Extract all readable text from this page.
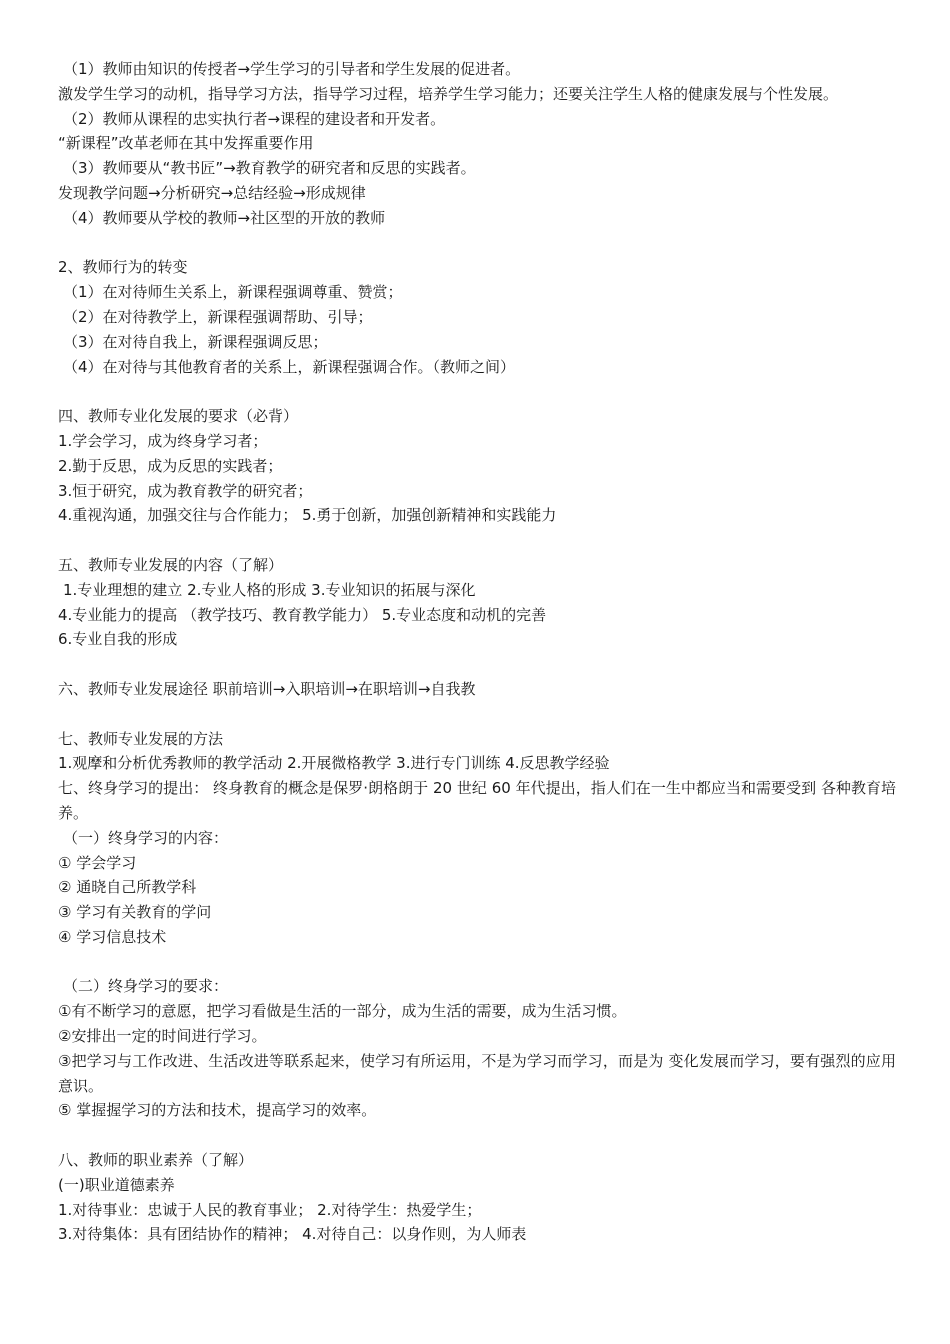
（1）教师由知识的传授者→学生学习的引导者和学生发展的促进者。
激发学生学习的动机，指导学习方法，指导学习过程，培养学生学习能力；还要关注学生人格的健康发展与个性发展。
（2）教师从课程的忠实执行者→课程的建设者和开发者。
“新课程”改革老师在其中发挥重要作用
（3）教师要从“教书匠”→教育教学的研究者和反思的实践者。
发现教学问题→分析研究→总结经验→形成规律
（4）教师要从学校的教师→社区型的开放的教师
2、教师行为的转变
（1）在对待师生关系上，新课程强调尊重、赞赏；
（2）在对待教学上，新课程强调帮助、引导；
（3）在对待自我上，新课程强调反思；
（4）在对待与其他教育者的关系上，新课程强调合作。（教师之间）
四、教师专业化发展的要求（必背）
1.学会学习，成为终身学习者；
2.勤于反思，成为反思的实践者；
3.恒于研究，成为教育教学的研究者；
4.重视沟通，加强交往与合作能力； 5.勇于创新，加强创新精神和实践能力
五、教师专业发展的内容（了解）
1.专业理想的建立 2.专业人格的形成 3.专业知识的拓展与深化
4.专业能力的提高 （教学技巧、教育教学能力） 5.专业态度和动机的完善
6.专业自我的形成
六、教师专业发展途径 职前培训→入职培训→在职培训→自我教
七、教师专业发展的方法
1.观摩和分析优秀教师的教学活动 2.开展微格教学 3.进行专门训练 4.反思教学经验
七、终身学习的提出： 终身教育的概念是保罗·朗格朗于 20 世纪 60 年代提出，指人们在一生中都应当和需要受到 各种教育培养。
（一）终身学习的内容：
① 学会学习
② 通晓自己所教学科
③ 学习有关教育的学问
④ 学习信息技术
（二）终身学习的要求：
①有不断学习的意愿，把学习看做是生活的一部分，成为生活的需要，成为生活习惯。
②安排出一定的时间进行学习。
③把学习与工作改进、生活改进等联系起来，使学习有所运用，不是为学习而学习，而是为 变化发展而学习，要有强烈的应用意识。
⑤ 掌握握学习的方法和技术，提高学习的效率。
八、教师的职业素养（了解）
(一)职业道德素养
1.对待事业：忠诚于人民的教育事业； 2.对待学生：热爱学生；
3.对待集体：具有团结协作的精神； 4.对待自己：以身作则，为人师表
